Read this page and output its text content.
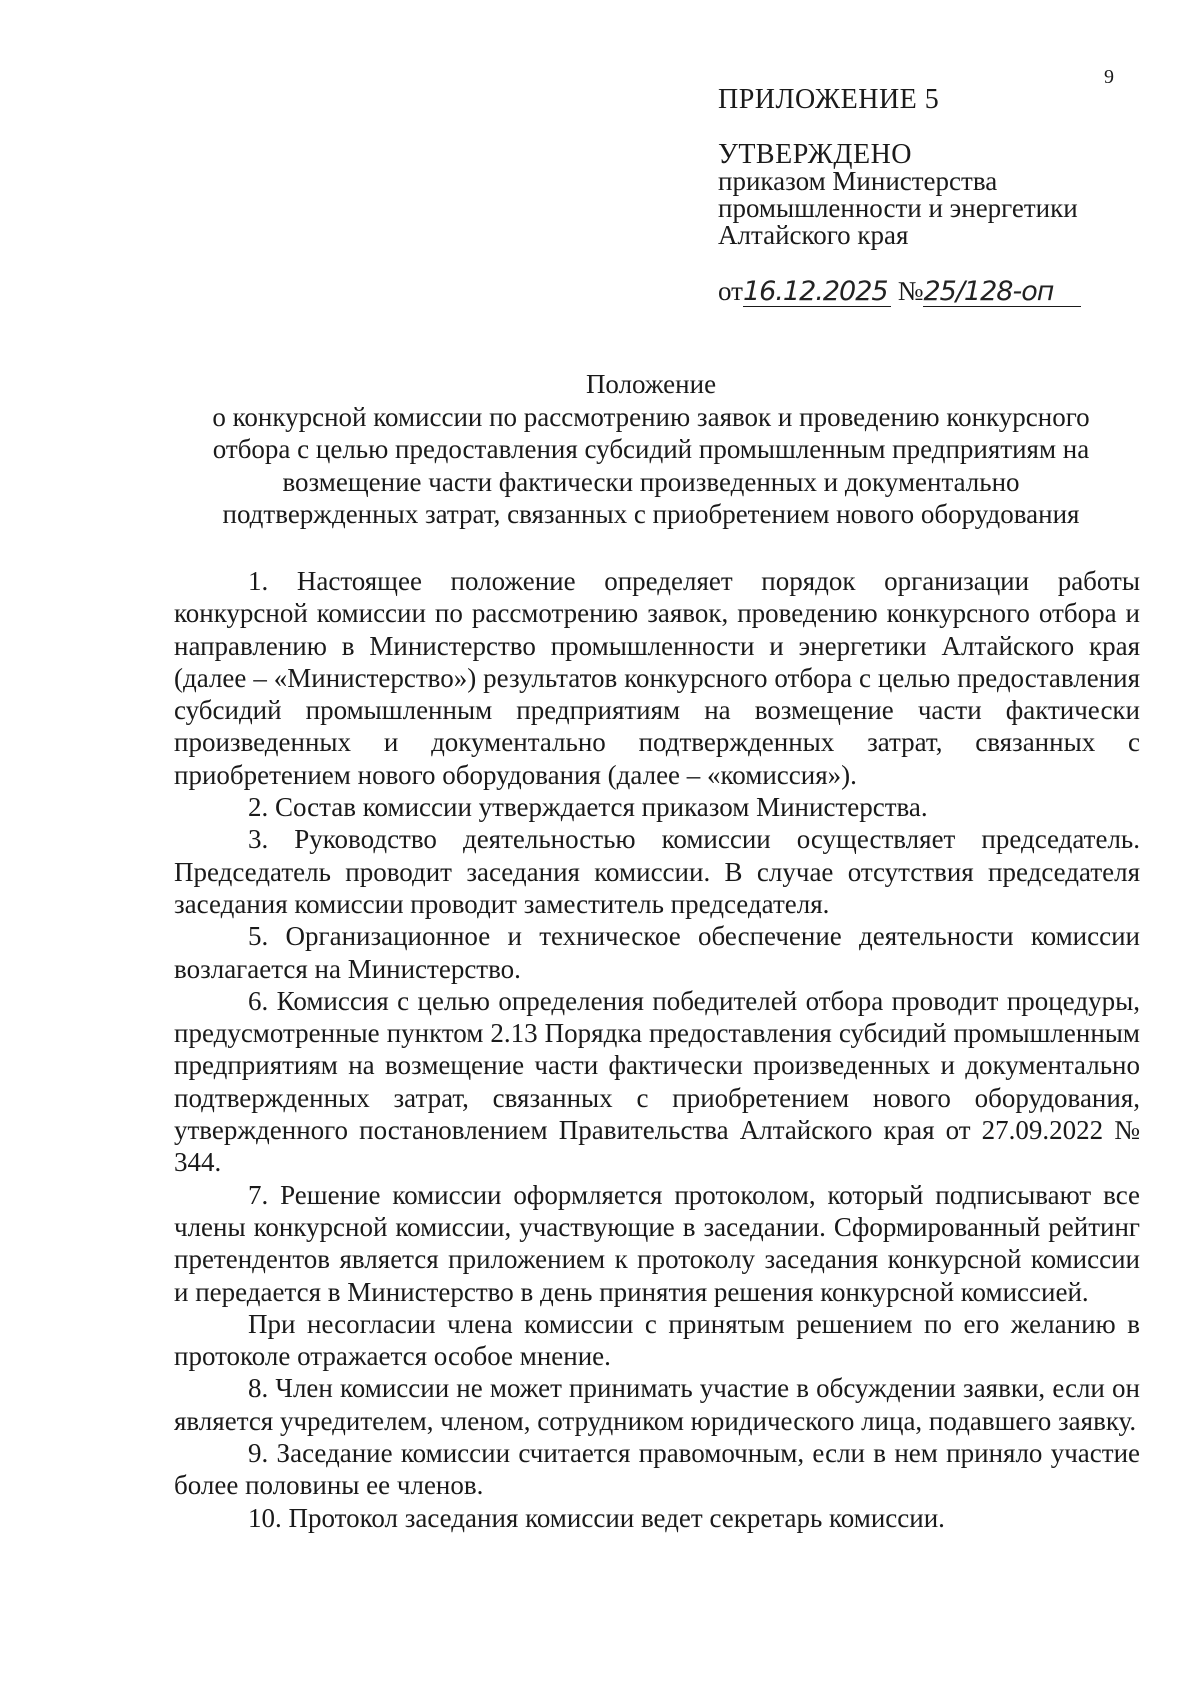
9

ПРИЛОЖЕНИЕ 5

УТВЕРЖДЕНО

приказом Министерства

промышленности и энергетики

Алтайского края

от16.12.2025 №25/128-оп
Положение
о конкурсной комиссии по рассмотрению заявок и проведению конкурсного
отбора с целью предоставления субсидий промышленным предприятиям на
возмещение части фактически произведенных и документально
подтвержденных затрат, связанных с приобретением нового оборудования

1. Настоящее положение определяет порядок организации работы конкурсной комиссии по рассмотрению заявок, проведению конкурсного отбора и направлению в Министерство промышленности и энергетики Алтайского края (далее – «Министерство») результатов конкурсного отбора с целью предоставления субсидий промышленным предприятиям на возмещение части фактически произведенных и документально подтвержденных затрат, связанных с приобретением нового оборудования (далее – «комиссия»).

2. Состав комиссии утверждается приказом Министерства.

3. Руководство деятельностью комиссии осуществляет председатель. Председатель проводит заседания комиссии. В случае отсутствия председателя заседания комиссии проводит заместитель председателя.

5. Организационное и техническое обеспечение деятельности комиссии возлагается на Министерство.

6. Комиссия с целью определения победителей отбора проводит процедуры, предусмотренные пунктом 2.13 Порядка предоставления субсидий промышленным предприятиям на возмещение части фактически произведенных и документально подтвержденных затрат, связанных с приобретением нового оборудования, утвержденного постановлением Правительства Алтайского края от 27.09.2022 № 344.

7. Решение комиссии оформляется протоколом, который подписывают все члены конкурсной комиссии, участвующие в заседании. Сформированный рейтинг претендентов является приложением к протоколу заседания конкурсной комиссии и передается в Министерство в день принятия решения конкурсной комиссией.

При несогласии члена комиссии с принятым решением по его желанию в протоколе отражается особое мнение.

8. Член комиссии не может принимать участие в обсуждении заявки, если он является учредителем, членом, сотрудником юридического лица, подавшего заявку.

9. Заседание комиссии считается правомочным, если в нем приняло участие более половины ее членов.

10. Протокол заседания комиссии ведет секретарь комиссии.
